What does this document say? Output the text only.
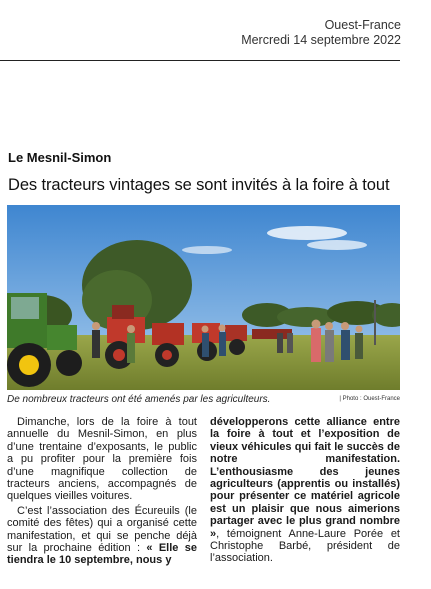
Ouest-France
Mercredi 14 septembre 2022
Le Mesnil-Simon
Des tracteurs vintages se sont invités à la foire à tout
De nombreux tracteurs ont été amenés par les agriculteurs.	| Photo : Ouest-France

Dimanche, lors de la foire à tout annuelle du Mesnil-Simon, en plus d’une trentaine d’exposants, le public a pu profiter pour la première fois d’une magnifique collection de tracteurs anciens, accompagnés de quelques vieilles voitures.

C’est l’association des Écureuils (le comité des fêtes) qui a organisé cette manifestation, et qui se penche déjà sur la prochaine édition : « Elle se tiendra le 10 septembre, nous y

développerons cette alliance entre la foire à tout et l’exposition de vieux véhicules qui fait le succès de notre manifestation. L’enthousiasme des jeunes agriculteurs (apprentis ou installés) pour présenter ce matériel agricole est un plaisir que nous aimerions partager avec le plus grand nombre », témoignent Anne-Laure Porée et Christophe Barbé, président de l’association.
